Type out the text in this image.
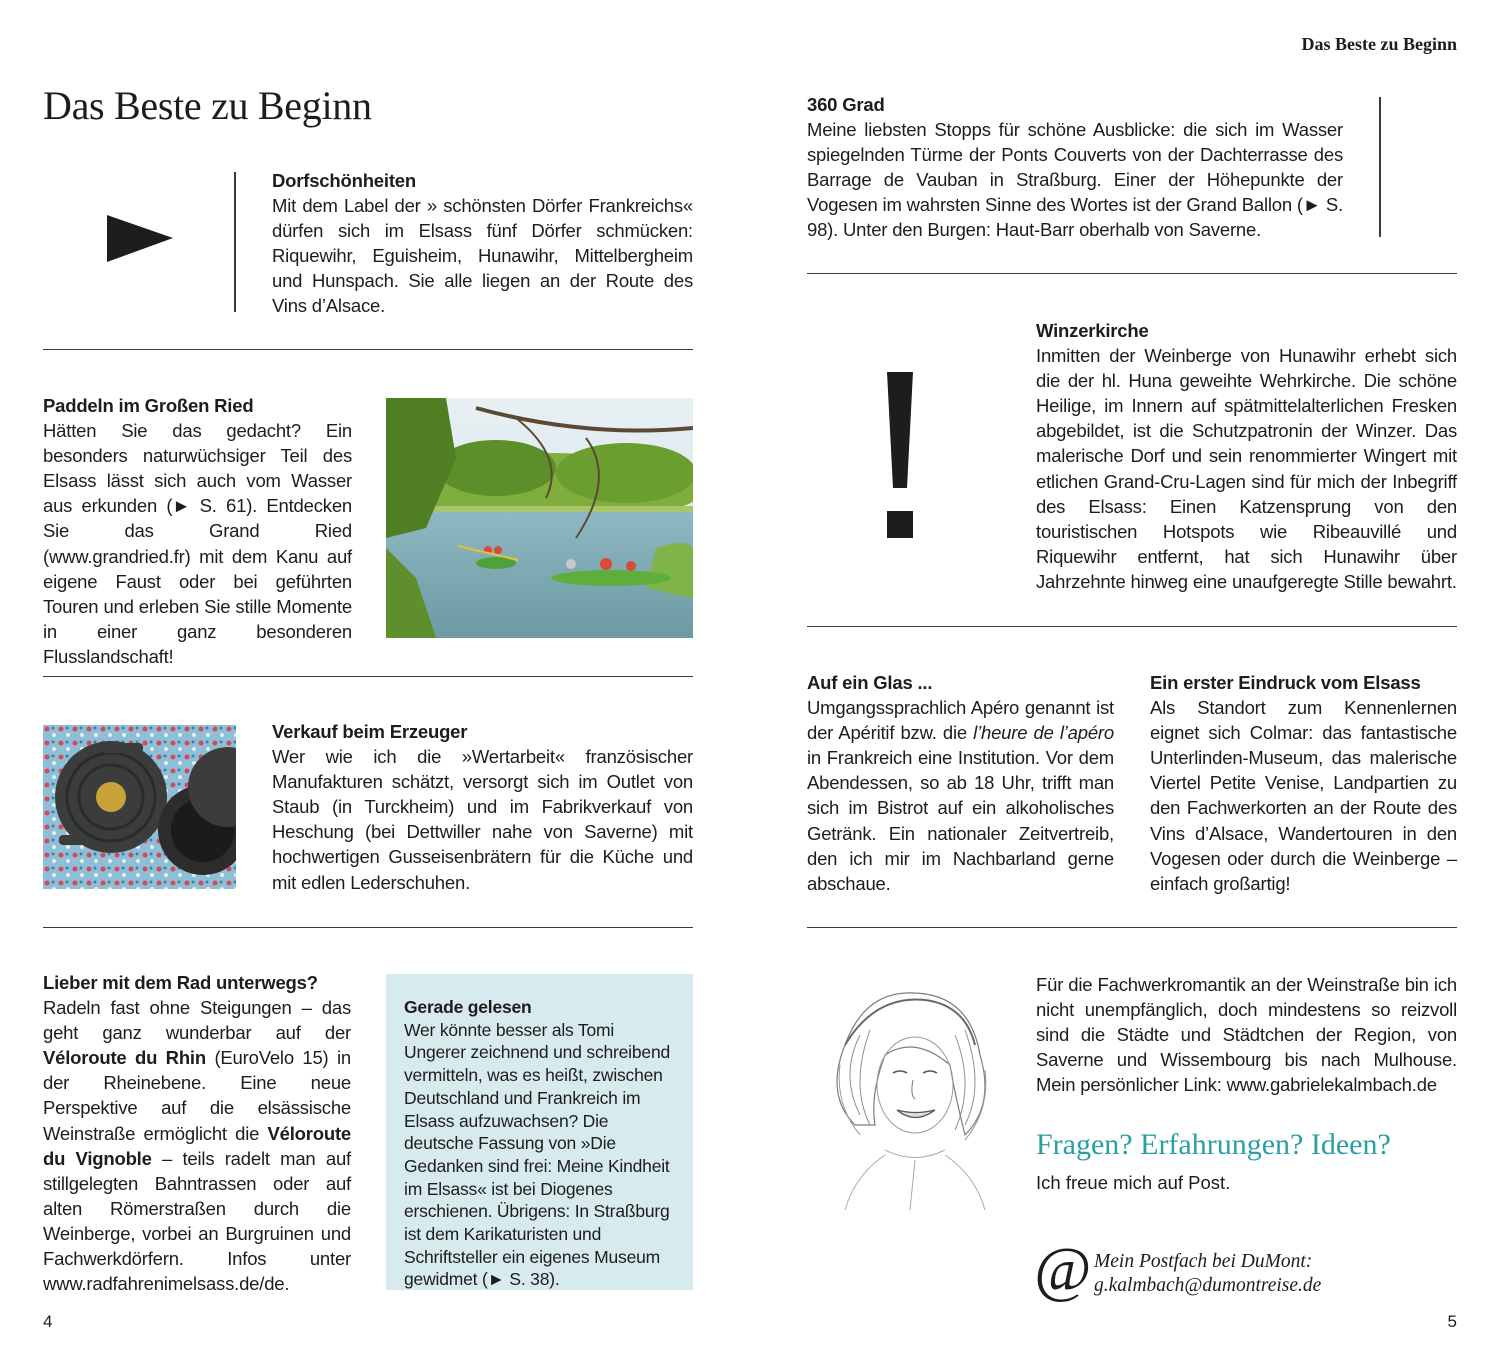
Das Beste zu Beginn
Das Beste zu Beginn
Dorfschönheiten
Mit dem Label der » schönsten Dörfer Frankreichs« dürfen sich im Elsass fünf Dörfer schmücken: Riquewihr, Eguisheim, Hunawihr, Mittelbergheim und Hunspach. Sie alle liegen an der Route des Vins d’Alsace.
Paddeln im Großen Ried
Hätten Sie das gedacht? Ein besonders naturwüchsiger Teil des Elsass lässt sich auch vom Wasser aus erkunden (► S. 61). Entdecken Sie das Grand Ried (www.grandried.fr) mit dem Kanu auf eigene Faust oder bei geführten Touren und erleben Sie stille Momente in einer ganz besonderen Flusslandschaft!
Verkauf beim Erzeuger
Wer wie ich die »Wertarbeit« französischer Manufakturen schätzt, versorgt sich im Outlet von Staub (in Turckheim) und im Fabrikverkauf von Heschung (bei Dettwiller nahe von Saverne) mit hochwertigen Gusseisenbrätern für die Küche und mit edlen Lederschuhen.
Lieber mit dem Rad unterwegs?
Radeln fast ohne Steigungen – das geht ganz wunderbar auf der Véloroute du Rhin (EuroVelo 15) in der Rheinebene. Eine neue Perspektive auf die elsässische Weinstraße ermöglicht die Véloroute du Vignoble – teils radelt man auf stillgelegten Bahntrassen oder auf alten Römerstraßen durch die Weinberge, vorbei an Burgruinen und Fachwerkdörfern. Infos unter www.radfahrenimelsass.de/de.
Gerade gelesen
Wer könnte besser als Tomi Ungerer zeichnend und schreibend vermitteln, was es heißt, zwischen Deutschland und Frankreich im Elsass aufzuwachsen? Die deutsche Fassung von »Die Gedanken sind frei: Meine Kindheit im Elsass« ist bei Diogenes erschienen. Übrigens: In Straßburg ist dem Karikaturisten und Schriftsteller ein eigenes Museum gewidmet (► S. 38).
4
360 Grad
Meine liebsten Stopps für schöne Ausblicke: die sich im Wasser spiegelnden Türme der Ponts Couverts von der Dachterrasse des Barrage de Vauban in Straßburg. Einer der Höhepunkte der Vogesen im wahrsten Sinne des Wortes ist der Grand Ballon (► S. 98). Unter den Burgen: Haut-Barr oberhalb von Saverne.
Winzerkirche
Inmitten der Weinberge von Hunawihr erhebt sich die der hl. Huna geweihte Wehrkirche. Die schöne Heilige, im Innern auf spätmittelalterlichen Fresken abgebildet, ist die Schutzpatronin der Winzer. Das malerische Dorf und sein renommierter Wingert mit etlichen Grand-Cru-Lagen sind für mich der Inbegriff des Elsass: Einen Katzensprung von den touristischen Hotspots wie Ribeauvillé und Riquewihr entfernt, hat sich Hunawihr über Jahrzehnte hinweg eine unaufgeregte Stille bewahrt.
Auf ein Glas ...
Umgangssprachlich Apéro genannt ist der Apéritif bzw. die l’heure de l’apéro in Frankreich eine Institution. Vor dem Abendessen, so ab 18 Uhr, trifft man sich im Bistrot auf ein alkoholisches Getränk. Ein nationaler Zeitvertreib, den ich mir im Nachbarland gerne abschaue.
Ein erster Eindruck vom Elsass
Als Standort zum Kennenlernen eignet sich Colmar: das fantastische Unterlinden-Museum, das malerische Viertel Petite Venise, Landpartien zu den Fachwerkorten an der Route des Vins d’Alsace, Wandertouren in den Vogesen oder durch die Weinberge – einfach großartig!
Für die Fachwerkromantik an der Weinstraße bin ich nicht unempfänglich, doch mindestens so reizvoll sind die Städte und Städtchen der Region, von Saverne und Wissembourg bis nach Mulhouse. Mein persönlicher Link: www.gabrielekalmbach.de
Fragen? Erfahrungen? Ideen?
Ich freue mich auf Post.
@ Mein Postfach bei DuMont:
g.kalmbach@dumontreise.de
5
